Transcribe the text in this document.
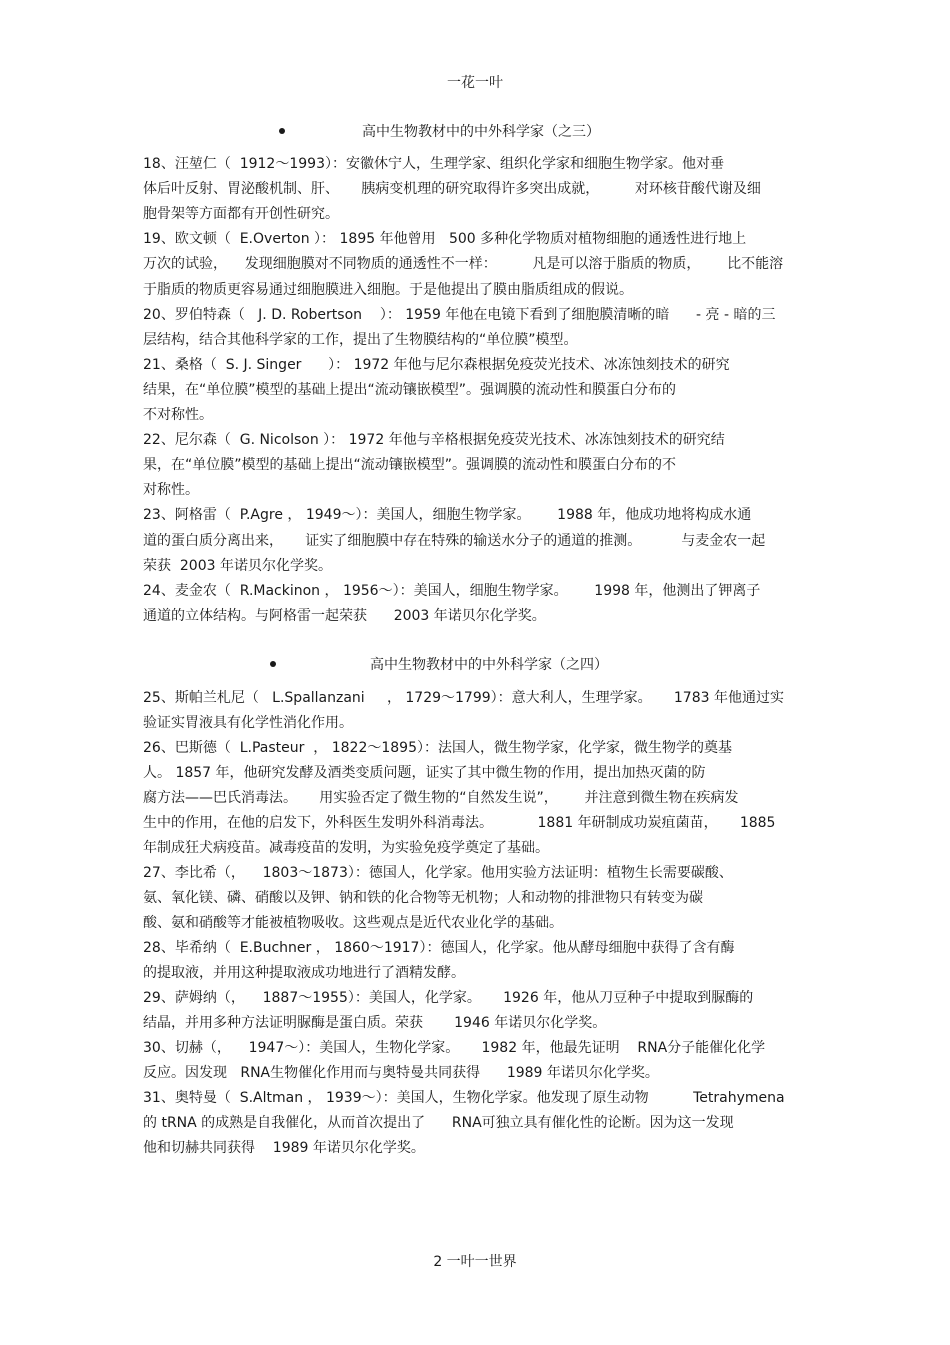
一花一叶
高中生物教材中的中外科学家（之三）
18、汪堃仁（  1912～1993）：安徽休宁人，生理学家、组织化学家和细胞生物学家。他对垂
体后叶反射、胃泌酸机制、肝、     胰病变机理的研究取得许多突出成就，        对环核苷酸代谢及细
胞骨架等方面都有开创性研究。
19、欧文顿（  E.Overton ）： 1895 年他曾用   500 多种化学物质对植物细胞的通透性进行地上
万次的试验，    发现细胞膜对不同物质的通透性不一样：        凡是可以溶于脂质的物质，      比不能溶
于脂质的物质更容易通过细胞膜进入细胞。于是他提出了膜由脂质组成的假说。
20、罗伯特森（   J. D. Robertson    ）： 1959 年他在电镜下看到了细胞膜清晰的暗      - 亮 - 暗的三
层结构，结合其他科学家的工作，提出了生物膜结构的“单位膜”模型。
21、桑格（  S. J. Singer      ）： 1972 年他与尼尔森根据免疫荧光技术、冰冻蚀刻技术的研究
结果，在“单位膜”模型的基础上提出“流动镶嵌模型”。强调膜的流动性和膜蛋白分布的
不对称性。
22、尼尔森（  G. Nicolson ）： 1972 年他与辛格根据免疫荧光技术、冰冻蚀刻技术的研究结
果，在“单位膜”模型的基础上提出“流动镶嵌模型”。强调膜的流动性和膜蛋白分布的不
对称性。
23、阿格雷（  P.Agre ， 1949～）：美国人，细胞生物学家。      1988 年，他成功地将构成水通
道的蛋白质分离出来，     证实了细胞膜中存在特殊的输送水分子的通道的推测。         与麦金农一起
荣获  2003 年诺贝尔化学奖。
24、麦金农（  R.Mackinon ， 1956～）：美国人，细胞生物学家。      1998 年，他测出了钾离子
通道的立体结构。与阿格雷一起荣获      2003 年诺贝尔化学奖。
高中生物教材中的中外科学家（之四）
25、斯帕兰札尼（   L.Spallanzani     ， 1729～1799）：意大利人，生理学家。     1783 年他通过实
验证实胃液具有化学性消化作用。
26、巴斯德（  L.Pasteur  ， 1822～1895）：法国人，微生物学家，化学家，微生物学的奠基
人。 1857 年，他研究发酵及酒类变质问题，证实了其中微生物的作用，提出加热灭菌的防
腐方法——巴氏消毒法。     用实验否定了微生物的“自然发生说”，      并注意到微生物在疾病发
生中的作用，在他的启发下，外科医生发明外科消毒法。          1881 年研制成功炭疽菌苗，     1885
年制成狂犬病疫苗。减毒疫苗的发明，为实验免疫学奠定了基础。
27、李比希（，    1803～1873）：德国人，化学家。他用实验方法证明：植物生长需要碳酸、
氨、氧化镁、磷、硝酸以及钾、钠和铁的化合物等无机物；人和动物的排泄物只有转变为碳
酸、氨和硝酸等才能被植物吸收。这些观点是近代农业化学的基础。
28、毕希纳（  E.Buchner ， 1860～1917）：德国人，化学家。他从酵母细胞中获得了含有酶
的提取液，并用这种提取液成功地进行了酒精发酵。
29、萨姆纳（，    1887～1955）：美国人，化学家。     1926 年，他从刀豆种子中提取到脲酶的
结晶，并用多种方法证明脲酶是蛋白质。荣获       1946 年诺贝尔化学奖。
30、切赫（，    1947～）：美国人，生物化学家。     1982 年，他最先证明    RNA分子能催化化学
反应。因发现   RNA生物催化作用而与奥特曼共同获得      1989 年诺贝尔化学奖。
31、奥特曼（  S.Altman ， 1939～）：美国人，生物化学家。他发现了原生动物          Tetrahymena
的 tRNA 的成熟是自我催化，从而首次提出了      RNA可独立具有催化性的论断。因为这一发现
他和切赫共同获得    1989 年诺贝尔化学奖。
2 一叶一世界
